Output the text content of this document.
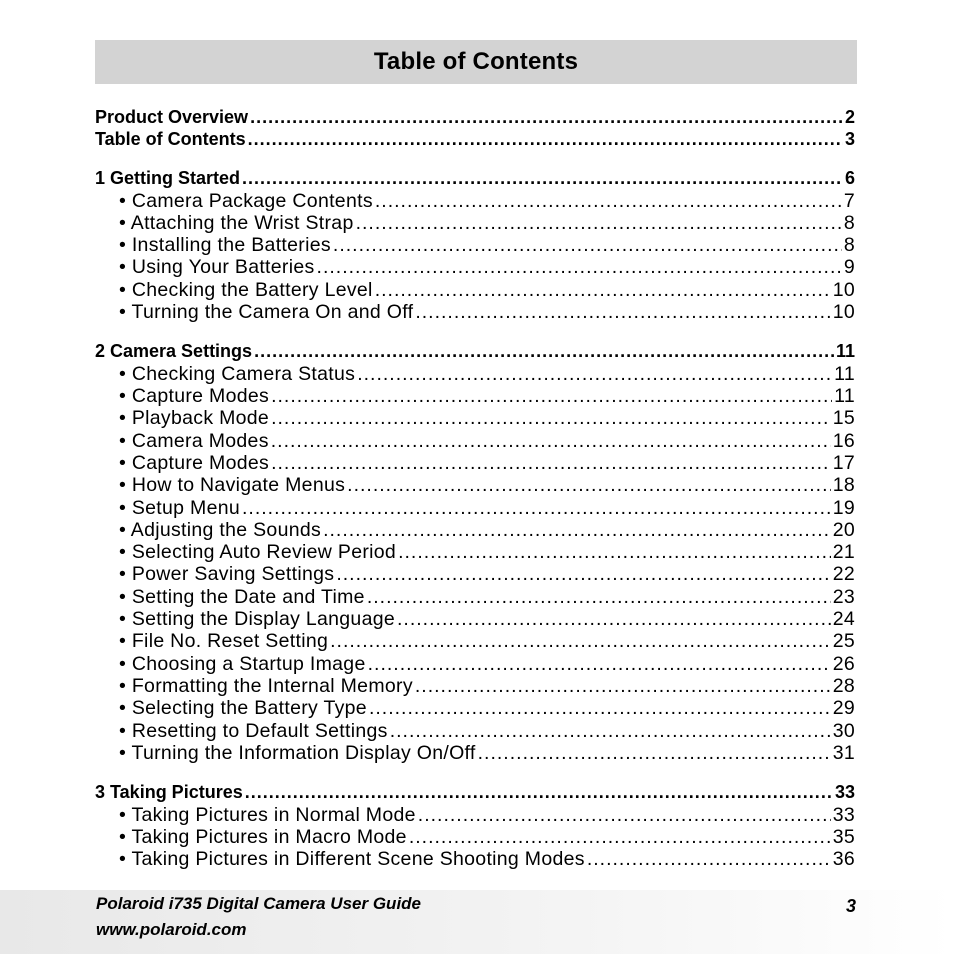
Table of Contents
Product Overview .....	2
Table of Contents .....	3
1 Getting Started .....	6
• Camera Package Contents .....	7
• Attaching the Wrist Strap .....	8
• Installing the Batteries .....	8
• Using Your Batteries .....	9
• Checking the Battery Level .....	10
• Turning the Camera On and Off .....	10
2 Camera Settings .....	11
• Checking Camera Status .....	11
• Capture Modes .....	11
• Playback Mode .....	15
• Camera Modes .....	16
• Capture Modes .....	17
• How to Navigate Menus .....	18
• Setup Menu .....	19
• Adjusting the Sounds .....	20
• Selecting Auto Review Period .....	21
• Power Saving Settings .....	22
• Setting the Date and Time .....	23
• Setting the Display Language .....	24
• File No. Reset Setting .....	25
• Choosing a Startup Image .....	26
• Formatting the Internal Memory .....	28
• Selecting the Battery Type .....	29
• Resetting to Default Settings .....	30
• Turning the Information Display On/Off .....	31
3 Taking Pictures .....	33
• Taking Pictures in Normal Mode .....	33
• Taking Pictures in Macro Mode .....	35
• Taking Pictures in Different Scene Shooting Modes .....	36
Polaroid i735 Digital Camera User Guide
www.polaroid.com
3
